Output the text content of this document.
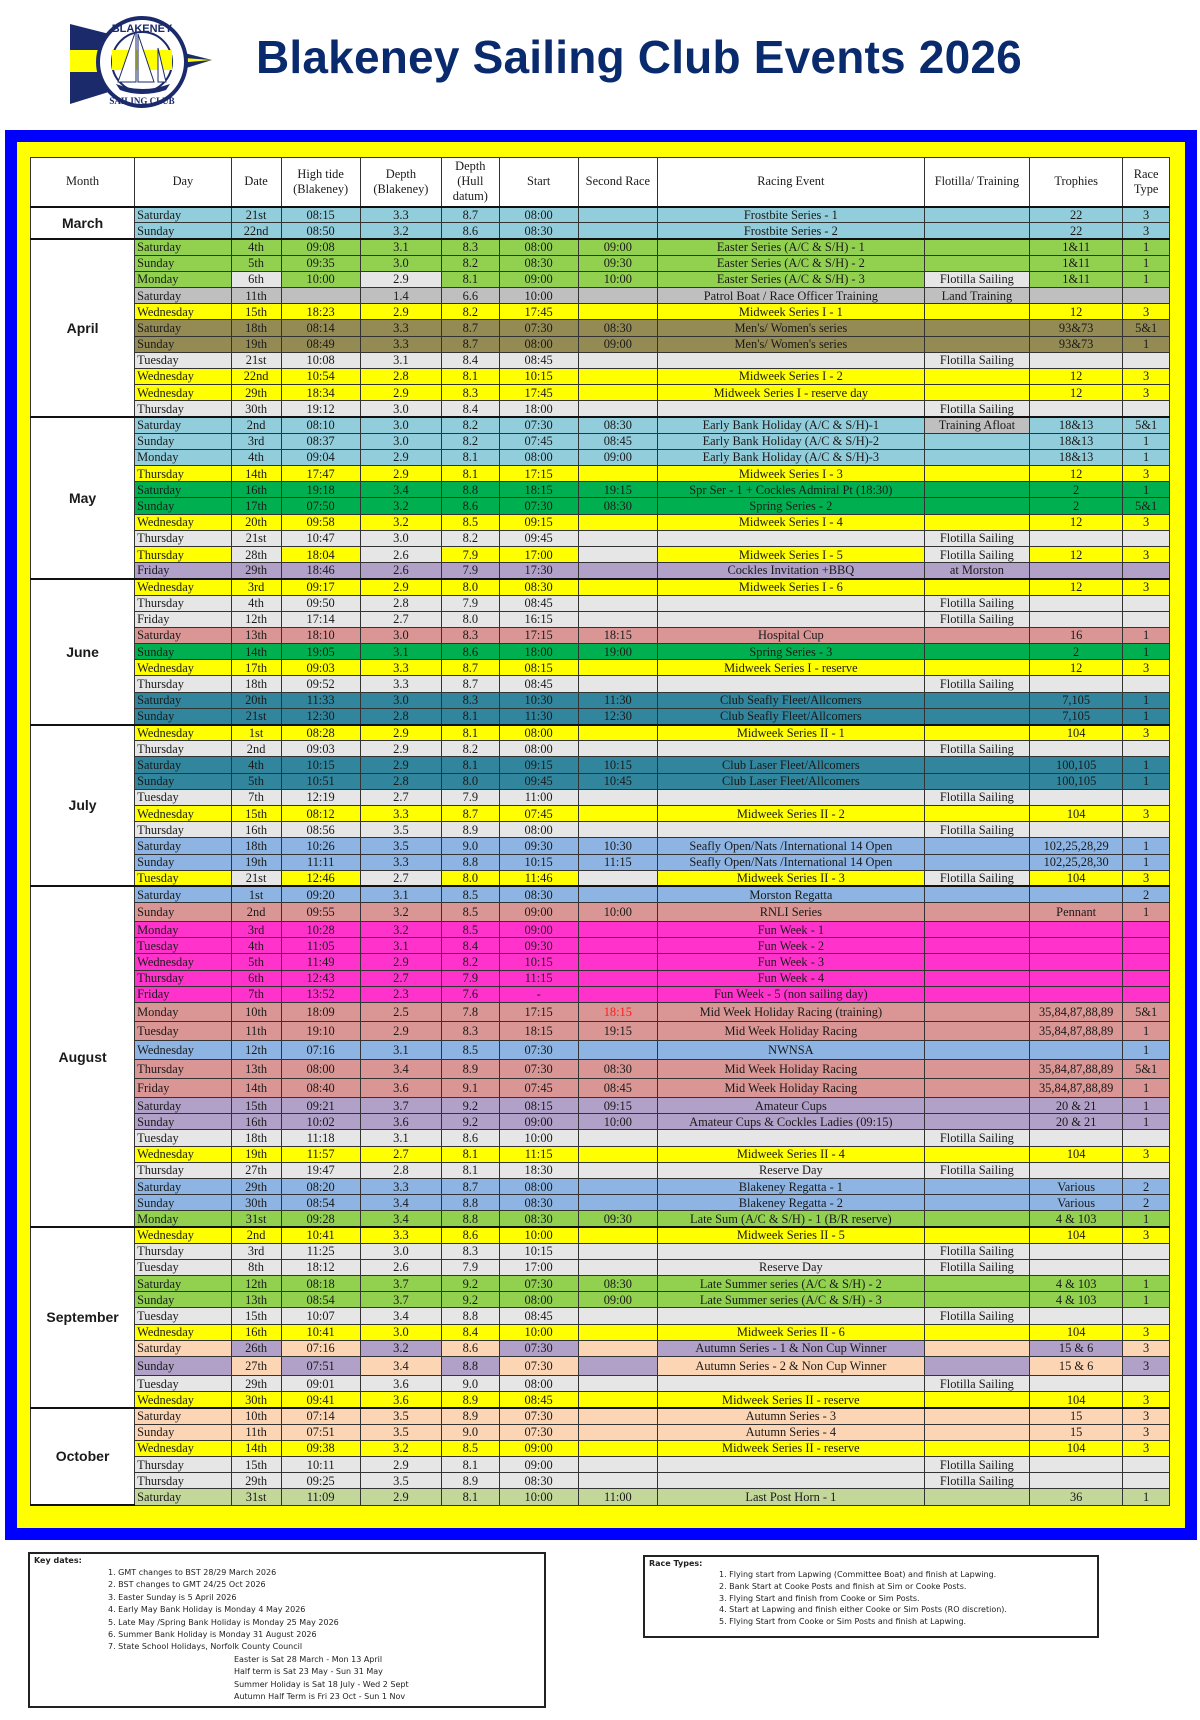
BLAKENEY
SAILING CLUB
Blakeney Sailing Club Events 2026
Month	Day	Date	High tide (Blakeney)	Depth (Blakeney)	Depth (Hull datum)	Start	Second Race	Racing Event	Flotilla/ Training	Trophies	Race Type
March	Saturday	21st	08:15	3.3	8.7	08:00		Frostbite Series - 1		22	3
	Sunday	22nd	08:50	3.2	8.6	08:30		Frostbite Series - 2		22	3
April	Saturday	4th	09:08	3.1	8.3	08:00	09:00	Easter Series (A/C & S/H) - 1		1&11	1
	Sunday	5th	09:35	3.0	8.2	08:30	09:30	Easter Series (A/C & S/H) - 2		1&11	1
	Monday	6th	10:00	2.9	8.1	09:00	10:00	Easter Series (A/C & S/H) - 3	Flotilla Sailing	1&11	1
	Saturday	11th		1.4	6.6	10:00		Patrol Boat / Race Officer Training	Land Training		
	Wednesday	15th	18:23	2.9	8.2	17:45		Midweek Series I - 1		12	3
	Saturday	18th	08:14	3.3	8.7	07:30	08:30	Men's/ Women's series		93&73	5&1
	Sunday	19th	08:49	3.3	8.7	08:00	09:00	Men's/ Women's series		93&73	1
	Tuesday	21st	10:08	3.1	8.4	08:45			Flotilla Sailing		
	Wednesday	22nd	10:54	2.8	8.1	10:15		Midweek Series I - 2		12	3
	Wednesday	29th	18:34	2.9	8.3	17:45		Midweek Series I - reserve day		12	3
	Thursday	30th	19:12	3.0	8.4	18:00			Flotilla Sailing		
May	Saturday	2nd	08:10	3.0	8.2	07:30	08:30	Early Bank Holiday (A/C & S/H)-1	Training Afloat	18&13	5&1
	Sunday	3rd	08:37	3.0	8.2	07:45	08:45	Early Bank Holiday (A/C & S/H)-2		18&13	1
	Monday	4th	09:04	2.9	8.1	08:00	09:00	Early Bank Holiday (A/C & S/H)-3		18&13	1
	Thursday	14th	17:47	2.9	8.1	17:15		Midweek Series I - 3		12	3
	Saturday	16th	19:18	3.4	8.8	18:15	19:15	Spr Ser - 1 + Cockles Admiral Pt (18:30)		2	1
	Sunday	17th	07:50	3.2	8.6	07:30	08:30	Spring Series - 2		2	5&1
	Wednesday	20th	09:58	3.2	8.5	09:15		Midweek Series I - 4		12	3
	Thursday	21st	10:47	3.0	8.2	09:45			Flotilla Sailing		
	Thursday	28th	18:04	2.6	7.9	17:00		Midweek Series I - 5	Flotilla Sailing	12	3
	Friday	29th	18:46	2.6	7.9	17:30		Cockles Invitation +BBQ	at Morston		
June	Wednesday	3rd	09:17	2.9	8.0	08:30		Midweek Series I - 6		12	3
	Thursday	4th	09:50	2.8	7.9	08:45			Flotilla Sailing		
	Friday	12th	17:14	2.7	8.0	16:15			Flotilla Sailing		
	Saturday	13th	18:10	3.0	8.3	17:15	18:15	Hospital Cup		16	1
	Sunday	14th	19:05	3.1	8.6	18:00	19:00	Spring Series - 3		2	1
	Wednesday	17th	09:03	3.3	8.7	08:15		Midweek Series I - reserve		12	3
	Thursday	18th	09:52	3.3	8.7	08:45			Flotilla Sailing		
	Saturday	20th	11:33	3.0	8.3	10:30	11:30	Club Seafly Fleet/Allcomers		7,105	1
	Sunday	21st	12:30	2.8	8.1	11:30	12:30	Club Seafly Fleet/Allcomers		7,105	1
July	Wednesday	1st	08:28	2.9	8.1	08:00		Midweek Series II - 1		104	3
	Thursday	2nd	09:03	2.9	8.2	08:00			Flotilla Sailing		
	Saturday	4th	10:15	2.9	8.1	09:15	10:15	Club Laser Fleet/Allcomers		100,105	1
	Sunday	5th	10:51	2.8	8.0	09:45	10:45	Club Laser Fleet/Allcomers		100,105	1
	Tuesday	7th	12:19	2.7	7.9	11:00			Flotilla Sailing		
	Wednesday	15th	08:12	3.3	8.7	07:45		Midweek Series II - 2		104	3
	Thursday	16th	08:56	3.5	8.9	08:00			Flotilla Sailing		
	Saturday	18th	10:26	3.5	9.0	09:30	10:30	Seafly Open/Nats /International 14 Open		102,25,28,29	1
	Sunday	19th	11:11	3.3	8.8	10:15	11:15	Seafly Open/Nats /International 14 Open		102,25,28,30	1
	Tuesday	21st	12:46	2.7	8.0	11:46		Midweek Series II - 3	Flotilla Sailing	104	3
August	Saturday	1st	09:20	3.1	8.5	08:30		Morston Regatta			2
	Sunday	2nd	09:55	3.2	8.5	09:00	10:00	RNLI Series		Pennant	1
	Monday	3rd	10:28	3.2	8.5	09:00		Fun Week - 1			
	Tuesday	4th	11:05	3.1	8.4	09:30		Fun Week - 2			
	Wednesday	5th	11:49	2.9	8.2	10:15		Fun Week - 3			
	Thursday	6th	12:43	2.7	7.9	11:15		Fun Week - 4			
	Friday	7th	13:52	2.3	7.6	-		Fun Week - 5 (non sailing day)			
	Monday	10th	18:09	2.5	7.8	17:15	18:15	Mid Week Holiday Racing (training)		35,84,87,88,89	5&1
	Tuesday	11th	19:10	2.9	8.3	18:15	19:15	Mid Week Holiday Racing		35,84,87,88,89	1
	Wednesday	12th	07:16	3.1	8.5	07:30		NWNSA			1
	Thursday	13th	08:00	3.4	8.9	07:30	08:30	Mid Week Holiday Racing		35,84,87,88,89	5&1
	Friday	14th	08:40	3.6	9.1	07:45	08:45	Mid Week Holiday Racing		35,84,87,88,89	1
	Saturday	15th	09:21	3.7	9.2	08:15	09:15	Amateur Cups		20 & 21	1
	Sunday	16th	10:02	3.6	9.2	09:00	10:00	Amateur Cups & Cockles Ladies (09:15)		20 & 21	1
	Tuesday	18th	11:18	3.1	8.6	10:00			Flotilla Sailing		
	Wednesday	19th	11:57	2.7	8.1	11:15		Midweek Series II - 4		104	3
	Thursday	27th	19:47	2.8	8.1	18:30		Reserve Day	Flotilla Sailing		
	Saturday	29th	08:20	3.3	8.7	08:00		Blakeney Regatta - 1		Various	2
	Sunday	30th	08:54	3.4	8.8	08:30		Blakeney Regatta - 2		Various	2
	Monday	31st	09:28	3.4	8.8	08:30	09:30	Late Sum (A/C & S/H) - 1 (B/R reserve)		4 & 103	1
September	Wednesday	2nd	10:41	3.3	8.6	10:00		Midweek Series II - 5		104	3
	Thursday	3rd	11:25	3.0	8.3	10:15			Flotilla Sailing		
	Tuesday	8th	18:12	2.6	7.9	17:00		Reserve Day	Flotilla Sailing		
	Saturday	12th	08:18	3.7	9.2	07:30	08:30	Late Summer series (A/C & S/H) - 2		4 & 103	1
	Sunday	13th	08:54	3.7	9.2	08:00	09:00	Late Summer series (A/C & S/H) - 3		4 & 103	1
	Tuesday	15th	10:07	3.4	8.8	08:45			Flotilla Sailing		
	Wednesday	16th	10:41	3.0	8.4	10:00		Midweek Series II - 6		104	3
	Saturday	26th	07:16	3.2	8.6	07:30		Autumn Series - 1 & Non Cup Winner		15 & 6	3
	Sunday	27th	07:51	3.4	8.8	07:30		Autumn Series - 2 & Non Cup Winner		15 & 6	3
	Tuesday	29th	09:01	3.6	9.0	08:00			Flotilla Sailing		
	Wednesday	30th	09:41	3.6	8.9	08:45		Midweek Series II - reserve		104	3
October	Saturday	10th	07:14	3.5	8.9	07:30		Autumn Series - 3		15	3
	Sunday	11th	07:51	3.5	9.0	07:30		Autumn Series - 4		15	3
	Wednesday	14th	09:38	3.2	8.5	09:00		Midweek Series II - reserve		104	3
	Thursday	15th	10:11	2.9	8.1	09:00			Flotilla Sailing		
	Thursday	29th	09:25	3.5	8.9	08:30			Flotilla Sailing		
	Saturday	31st	11:09	2.9	8.1	10:00	11:00	Last Post Horn - 1		36	1
Key dates:
1. GMT changes to BST 28/29 March 2026
2. BST changes to GMT 24/25 Oct 2026
3. Easter Sunday is 5 April 2026
4. Early May Bank Holiday is Monday 4 May 2026
5. Late May /Spring Bank Holiday is Monday 25 May 2026
6. Summer Bank Holiday is Monday 31 August 2026
7. State School Holidays, Norfolk County Council
Easter is Sat 28 March - Mon 13 April
Half term is Sat 23 May - Sun 31 May
Summer Holiday is Sat 18 July - Wed 2 Sept
Autumn Half Term is Fri 23 Oct - Sun 1 Nov
Race Types:
1. Flying start from Lapwing (Committee Boat) and finish at Lapwing.
2. Bank Start at Cooke Posts and finish at Sim or Cooke Posts.
3. Flying Start and finish from Cooke or Sim Posts.
4. Start at Lapwing and finish either Cooke or Sim Posts (RO discretion).
5. Flying Start from Cooke or Sim Posts and finish at Lapwing.
